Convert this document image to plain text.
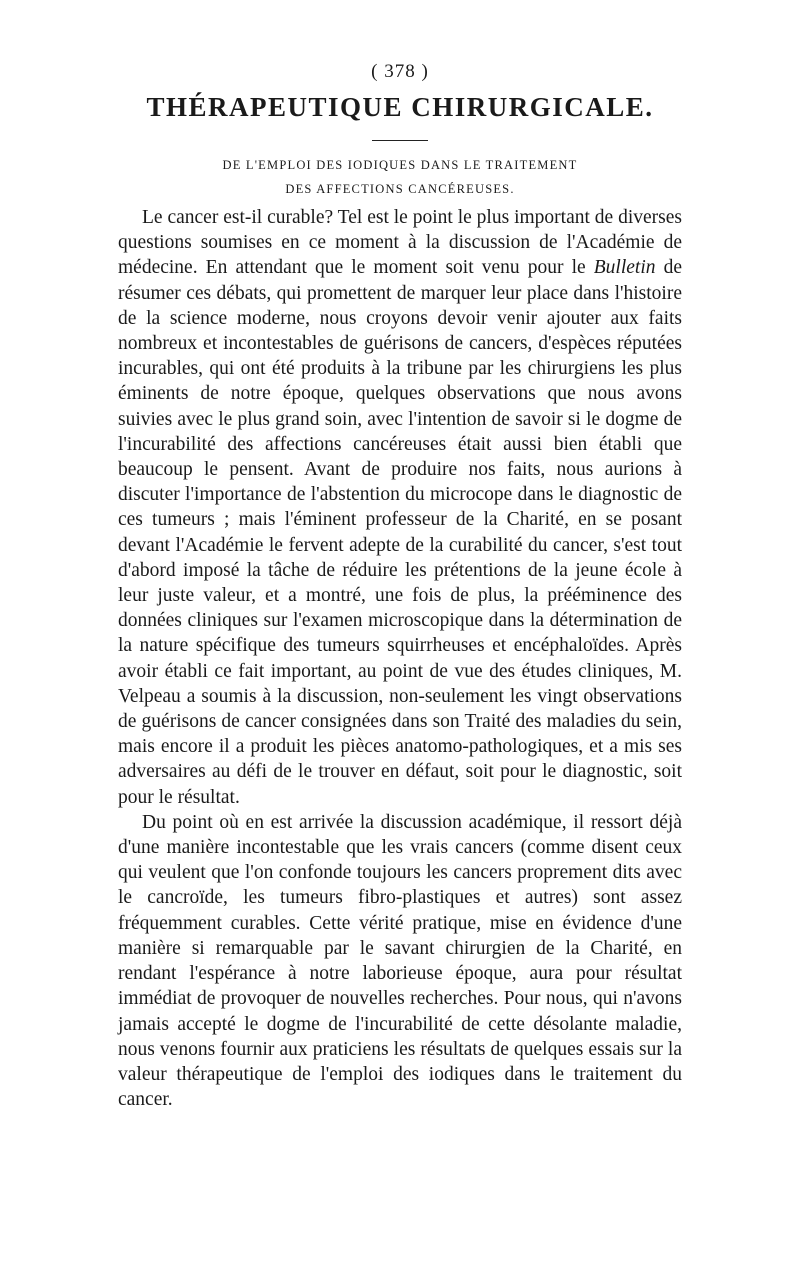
( 378 )
THÉRAPEUTIQUE CHIRURGICALE.
DE L'EMPLOI DES IODIQUES DANS LE TRAITEMENT
DES AFFECTIONS CANCÉREUSES.

Le cancer est-il curable? Tel est le point le plus important de diverses questions soumises en ce moment à la discussion de l'Académie de médecine. En attendant que le moment soit venu pour le Bulletin de résumer ces débats, qui promettent de marquer leur place dans l'histoire de la science moderne, nous croyons devoir venir ajouter aux faits nombreux et incontestables de guérisons de cancers, d'espèces réputées incurables, qui ont été produits à la tribune par les chirurgiens les plus éminents de notre époque, quelques observations que nous avons suivies avec le plus grand soin, avec l'intention de savoir si le dogme de l'incurabilité des affections cancéreuses était aussi bien établi que beaucoup le pensent. Avant de produire nos faits, nous aurions à discuter l'importance de l'abstention du microcope dans le diagnostic de ces tumeurs ; mais l'éminent professeur de la Charité, en se posant devant l'Académie le fervent adepte de la curabilité du cancer, s'est tout d'abord imposé la tâche de réduire les prétentions de la jeune école à leur juste valeur, et a montré, une fois de plus, la prééminence des données cliniques sur l'examen microscopique dans la détermination de la nature spécifique des tumeurs squirrheuses et encéphaloïdes. Après avoir établi ce fait important, au point de vue des études cliniques, M. Velpeau a soumis à la discussion, non-seulement les vingt observations de guérisons de cancer consignées dans son Traité des maladies du sein, mais encore il a produit les pièces anatomo-pathologiques, et a mis ses adversaires au défi de le trouver en défaut, soit pour le diagnostic, soit pour le résultat.

Du point où en est arrivée la discussion académique, il ressort déjà d'une manière incontestable que les vrais cancers (comme disent ceux qui veulent que l'on confonde toujours les cancers proprement dits avec le cancroïde, les tumeurs fibro-plastiques et autres) sont assez fréquemment curables. Cette vérité pratique, mise en évidence d'une manière si remarquable par le savant chirurgien de la Charité, en rendant l'espérance à notre laborieuse époque, aura pour résultat immédiat de provoquer de nouvelles recherches. Pour nous, qui n'avons jamais accepté le dogme de l'incurabilité de cette désolante maladie, nous venons fournir aux praticiens les résultats de quelques essais sur la valeur thérapeutique de l'emploi des iodiques dans le traitement du cancer.
